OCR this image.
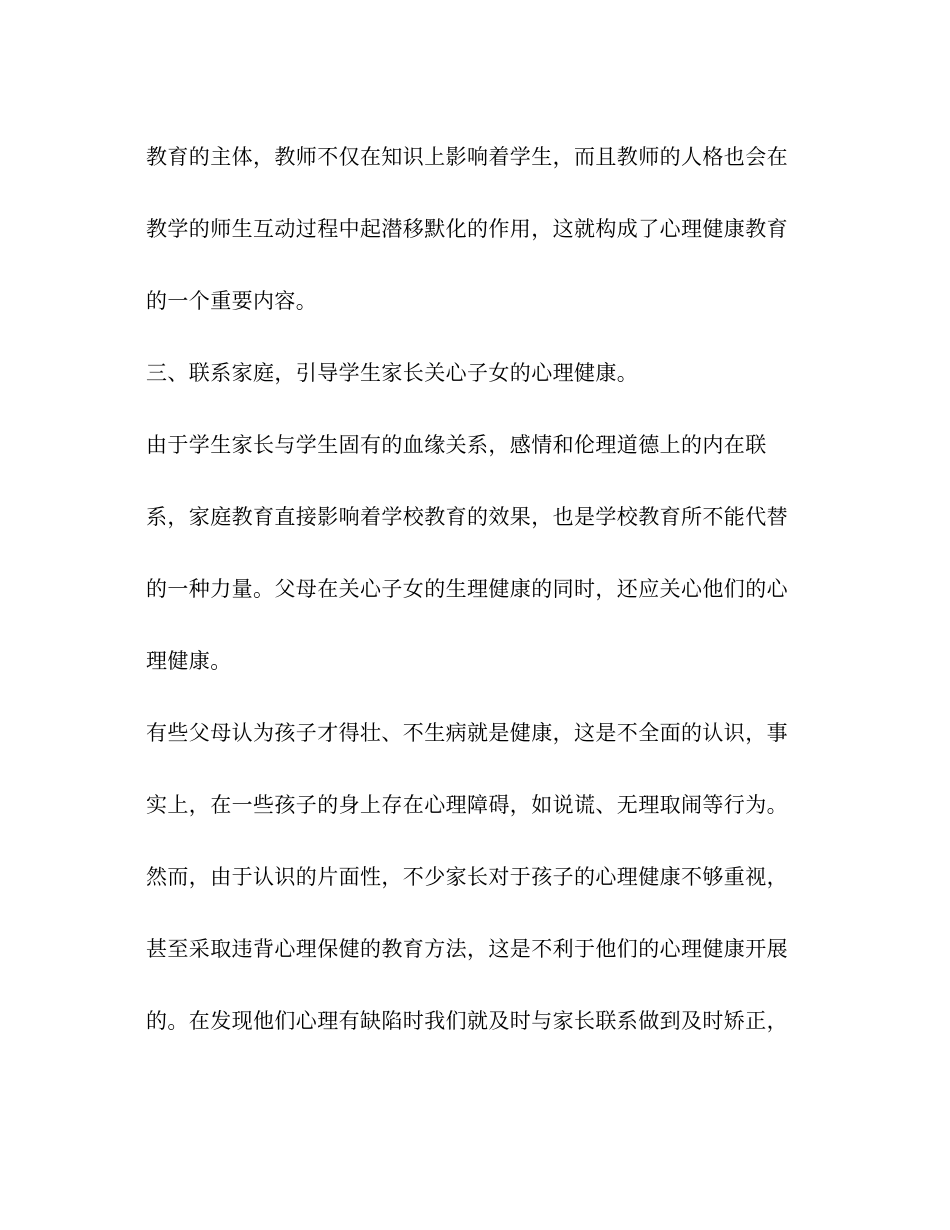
教育的主体，教师不仅在知识上影响着学生，而且教师的人格也会在
教学的师生互动过程中起潜移默化的作用，这就构成了心理健康教育
的一个重要内容。
三、联系家庭，引导学生家长关心子女的心理健康。
由于学生家长与学生固有的血缘关系，感情和伦理道德上的内在联
系，家庭教育直接影响着学校教育的效果，也是学校教育所不能代替
的一种力量。父母在关心子女的生理健康的同时，还应关心他们的心
理健康。
有些父母认为孩子才得壮、不生病就是健康，这是不全面的认识，事
实上，在一些孩子的身上存在心理障碍，如说谎、无理取闹等行为。
然而，由于认识的片面性，不少家长对于孩子的心理健康不够重视，
甚至采取违背心理保健的教育方法，这是不利于他们的心理健康开展
的。在发现他们心理有缺陷时我们就及时与家长联系做到及时矫正，
